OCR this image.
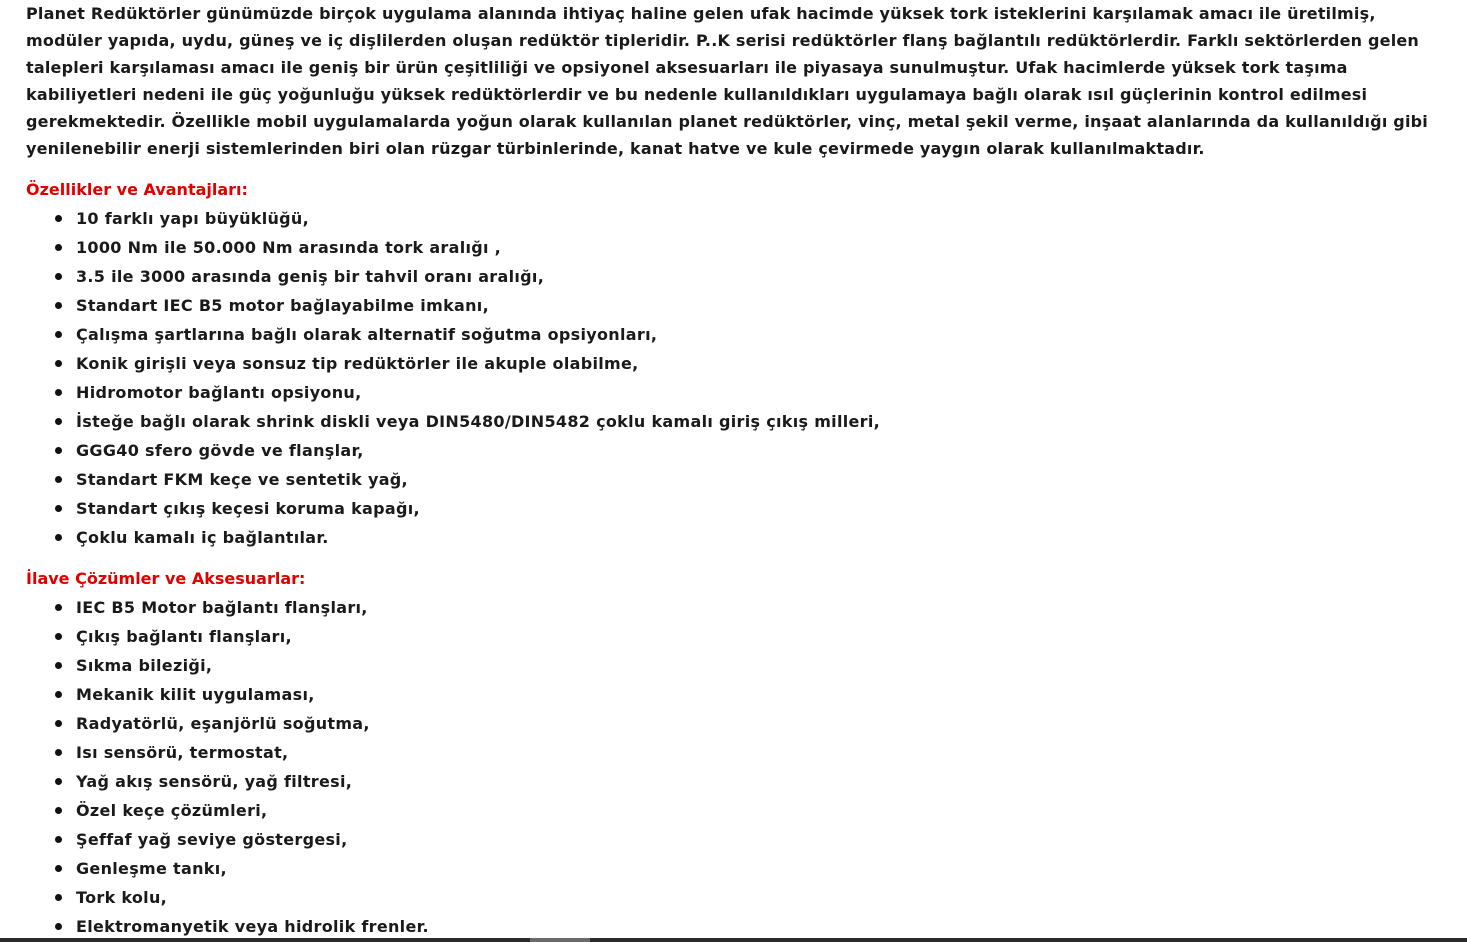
Planet Redüktörler günümüzde birçok uygulama alanında ihtiyaç haline gelen ufak hacimde yüksek tork isteklerini karşılamak amacı ile üretilmiş, modüler yapıda, uydu, güneş ve iç dişlilerden oluşan redüktör tipleridir. P..K serisi redüktörler flanş bağlantılı redüktörlerdir. Farklı sektörlerden gelen talepleri karşılaması amacı ile geniş bir ürün çeşitliliği ve opsiyonel aksesuarları ile piyasaya sunulmuştur. Ufak hacimlerde yüksek tork taşıma kabiliyetleri nedeni ile güç yoğunluğu yüksek redüktörlerdir ve bu nedenle kullanıldıkları uygulamaya bağlı olarak ısıl güçlerinin kontrol edilmesi gerekmektedir. Özellikle mobil uygulamalarda yoğun olarak kullanılan planet redüktörler, vinç, metal şekil verme, inşaat alanlarında da kullanıldığı gibi yenilenebilir enerji sistemlerinden biri olan rüzgar türbinlerinde, kanat hatve ve kule çevirmede yaygın olarak kullanılmaktadır.

Özellikler ve Avantajları:
10 farklı yapı büyüklüğü,
1000 Nm ile 50.000 Nm arasında tork aralığı ,
3.5 ile 3000 arasında geniş bir tahvil oranı aralığı,
Standart IEC B5 motor bağlayabilme imkanı,
Çalışma şartlarına bağlı olarak alternatif soğutma opsiyonları,
Konik girişli veya sonsuz tip redüktörler ile akuple olabilme,
Hidromotor bağlantı opsiyonu,
İsteğe bağlı olarak shrink diskli veya DIN5480/DIN5482 çoklu kamalı giriş çıkış milleri,
GGG40 sfero gövde ve flanşlar,
Standart FKM keçe ve sentetik yağ,
Standart çıkış keçesi koruma kapağı,
Çoklu kamalı iç bağlantılar.
İlave Çözümler ve Aksesuarlar:
IEC B5 Motor bağlantı flanşları,
Çıkış bağlantı flanşları,
Sıkma bileziği,
Mekanik kilit uygulaması,
Radyatörlü, eşanjörlü soğutma,
Isı sensörü, termostat,
Yağ akış sensörü, yağ filtresi,
Özel keçe çözümleri,
Şeffaf yağ seviye göstergesi,
Genleşme tankı,
Tork kolu,
Elektromanyetik veya hidrolik frenler.
